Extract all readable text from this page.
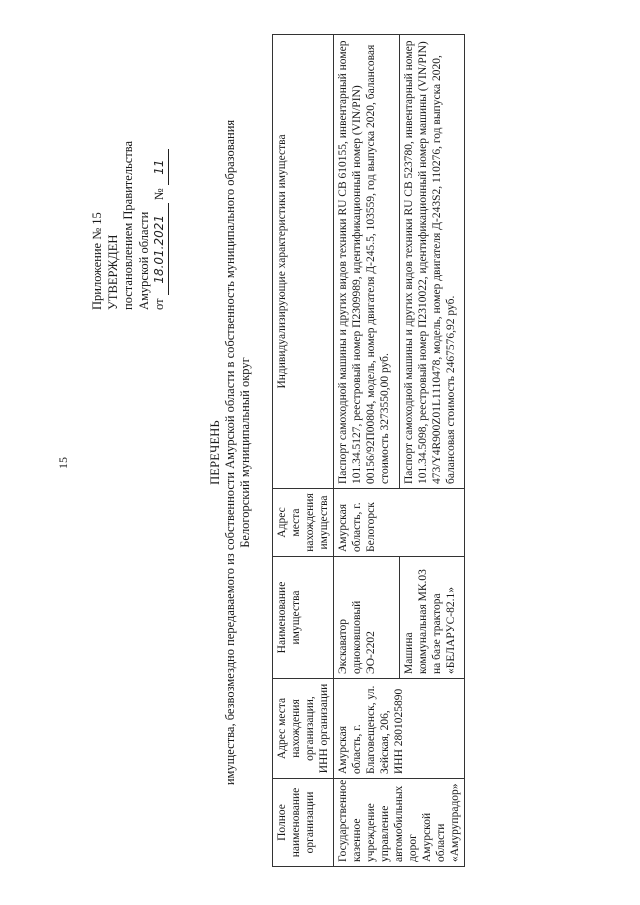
15
Приложение № 15 УТВЕРЖДЕН постановлением Правительства Амурской области от 18.01.2021 № 11
ПЕРЕЧЕНЬ имущества, безвозмездно передаваемого из собственности Амурской области в собственность муниципального образования Белогорский муниципальный округ
Полное наименование организации	Адрес места нахождения организации, ИНН организации	Наименование имущества	Адрес места нахождения имущества	Индивидуализирующие характеристики имущества
Государственное казенное учреждение управление автомобильных дорог Амурской области «Амурупрадор»	Амурская область, г. Благовещенск, ул. Зейская, 206, ИНН 2801025890	Экскаватор одноковшовый ЭО-2202	Амурская область, г. Белогорск	Паспорт самоходной машины и других видов техники RU CB 610155, инвентарный номер 101.34.5127, реестровый номер П2309989, идентификационный номер (VIN/PIN) 00156/92П00804, модель, номер двигателя Д-245.5, 103559, год выпуска 2020, балансовая стоимость 3273550,00 руб.
		Машина коммунальная МК.03 на базе трактора «БЕЛАРУС-82.1»		Паспорт самоходной машины и других видов техники RU CB 523780, инвентарный номер 101.34.5098, реестровый номер П2310022, идентификационный номер машины (VIN/PIN) 473/Y4R900Z01L1110478, модель, номер двигателя Д-243S2, 110276, год выпуска 2020, балансовая стоимость 2467576,92 руб.
